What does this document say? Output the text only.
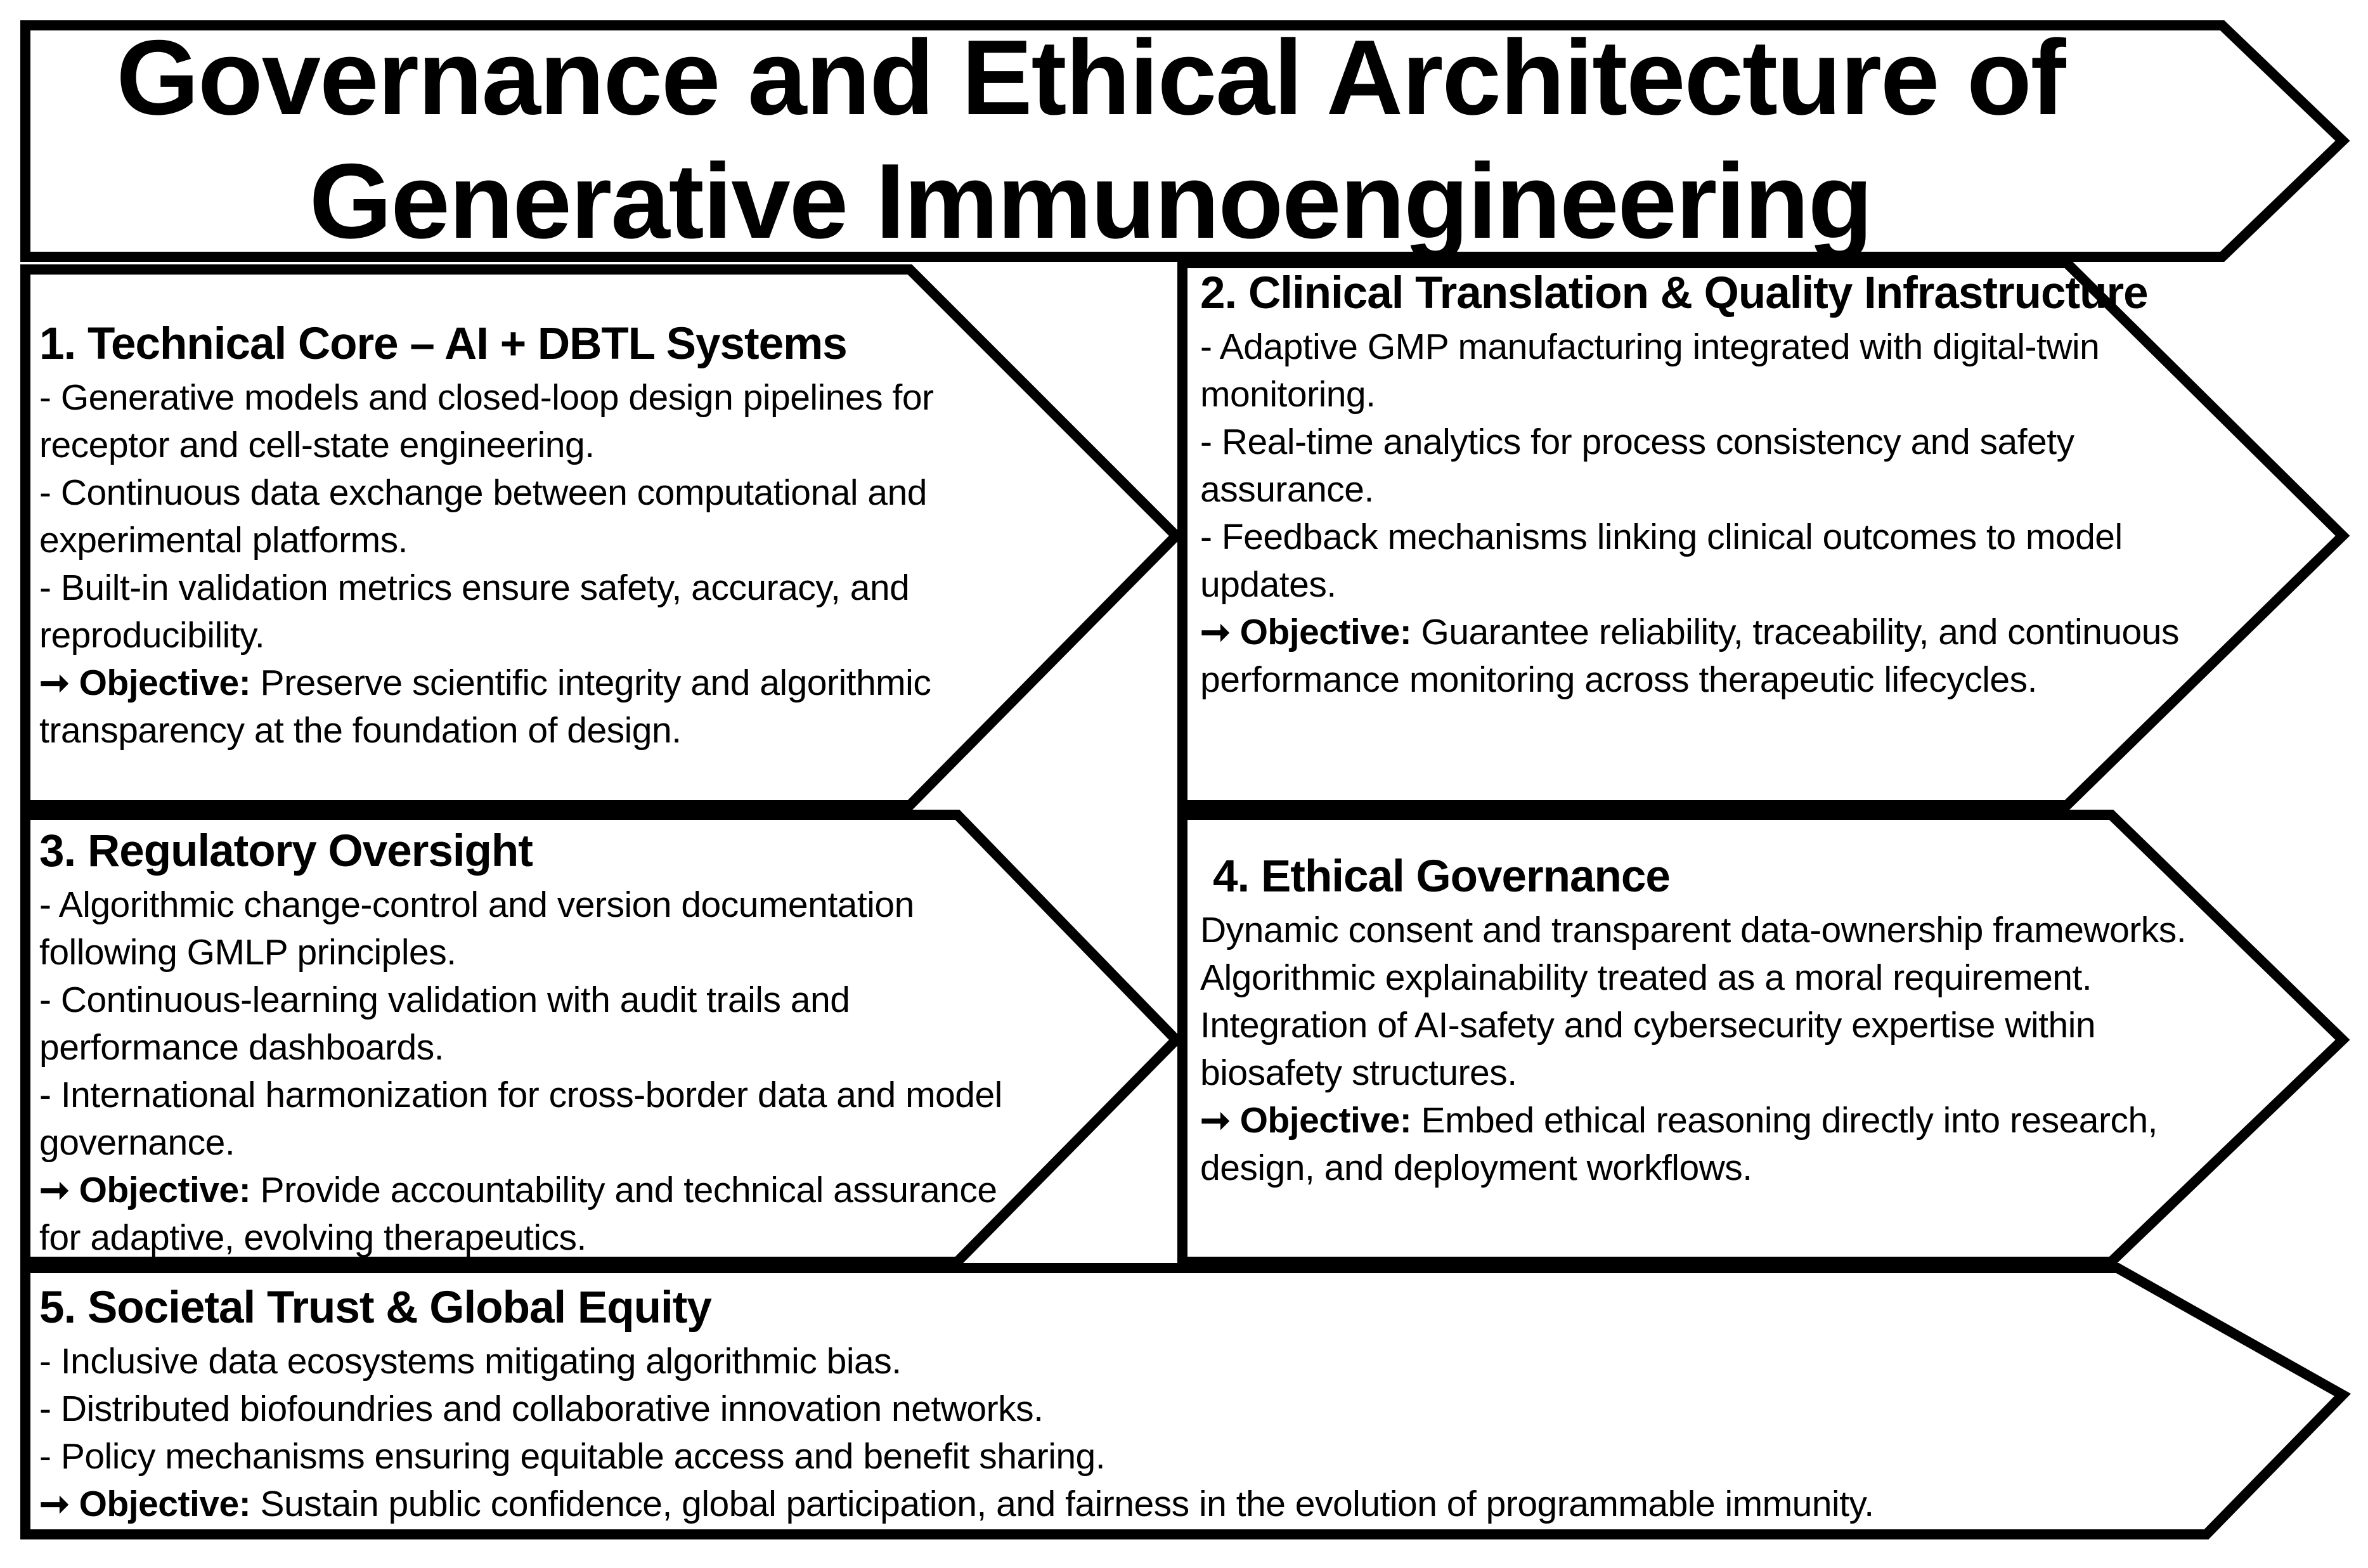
Governance and Ethical Architecture of Generative Immunoengineering
1. Technical Core – AI + DBTL Systems
- Generative models and closed-loop design pipelines for receptor and cell-state engineering.
- Continuous data exchange between computational and experimental platforms.
- Built-in validation metrics ensure safety, accuracy, and reproducibility.
➞ Objective: Preserve scientific integrity and algorithmic transparency at the foundation of design.
2. Clinical Translation & Quality Infrastructure
- Adaptive GMP manufacturing integrated with digital-twin monitoring.
- Real-time analytics for process consistency and safety assurance.
- Feedback mechanisms linking clinical outcomes to model updates.
➞ Objective: Guarantee reliability, traceability, and continuous performance monitoring across therapeutic lifecycles.
3. Regulatory Oversight
- Algorithmic change-control and version documentation following GMLP principles.
- Continuous-learning validation with audit trails and performance dashboards.
- International harmonization for cross-border data and model governance.
➞ Objective: Provide accountability and technical assurance for adaptive, evolving therapeutics.
4. Ethical Governance
Dynamic consent and transparent data-ownership frameworks.
Algorithmic explainability treated as a moral requirement.
Integration of AI-safety and cybersecurity expertise within biosafety structures.
➞ Objective: Embed ethical reasoning directly into research, design, and deployment workflows.
5. Societal Trust & Global Equity
- Inclusive data ecosystems mitigating algorithmic bias.
- Distributed biofoundries and collaborative innovation networks.
- Policy mechanisms ensuring equitable access and benefit sharing.
➞ Objective: Sustain public confidence, global participation, and fairness in the evolution of programmable immunity.
